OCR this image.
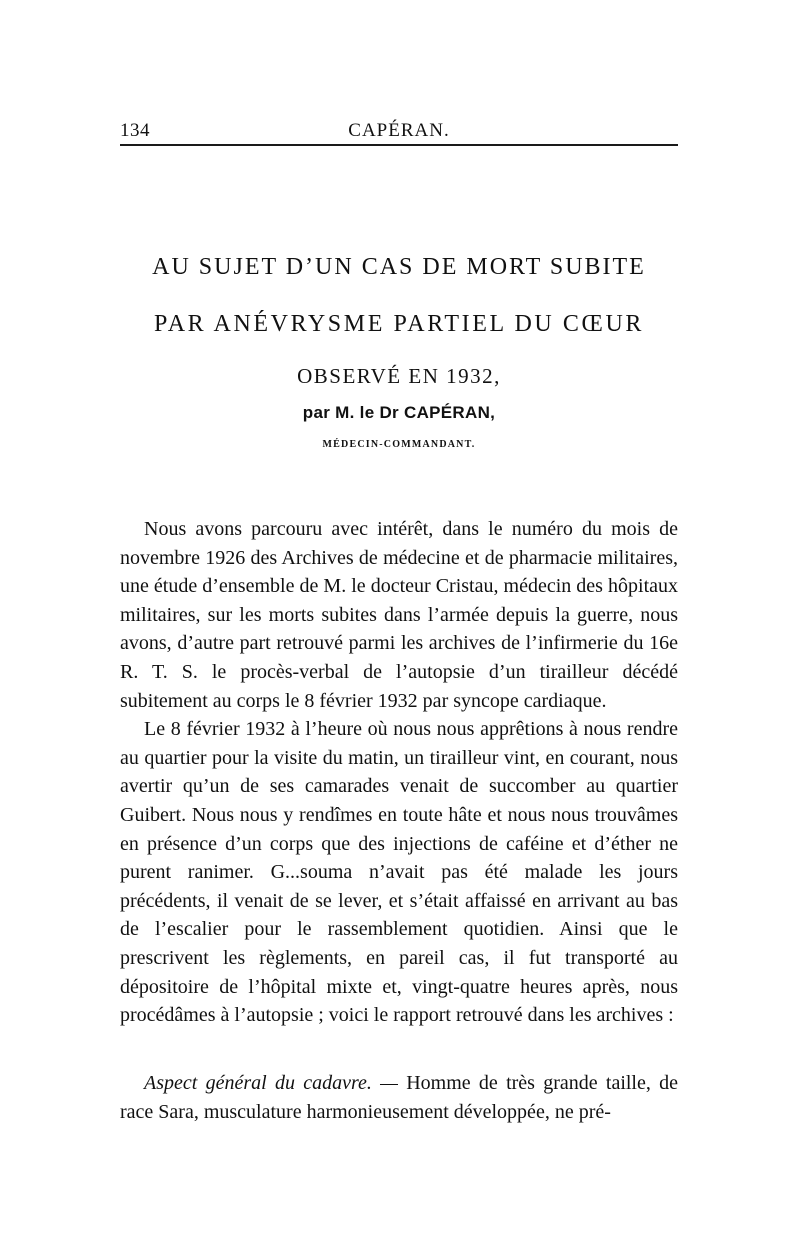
134	CAPÉRAN.
AU SUJET D’UN CAS DE MORT SUBITE
PAR ANÉVRYSME PARTIEL DU CŒUR
OBSERVÉ EN 1932,
par M. le Dr CAPÉRAN,
MÉDECIN-COMMANDANT.

Nous avons parcouru avec intérêt, dans le numéro du mois de novembre 1926 des Archives de médecine et de pharmacie militaires, une étude d’ensemble de M. le docteur Cristau, médecin des hôpitaux militaires, sur les morts subites dans l’armée depuis la guerre, nous avons, d’autre part retrouvé parmi les archives de l’infirmerie du 16e R. T. S. le procès-verbal de l’autopsie d’un tirailleur décédé subitement au corps le 8 février 1932 par syncope cardiaque.

Le 8 février 1932 à l’heure où nous nous apprêtions à nous rendre au quartier pour la visite du matin, un tirailleur vint, en courant, nous avertir qu’un de ses camarades venait de succomber au quartier Guibert. Nous nous y rendîmes en toute hâte et nous nous trouvâmes en présence d’un corps que des injections de caféine et d’éther ne purent ranimer. G...souma n’avait pas été malade les jours précédents, il venait de se lever, et s’était affaissé en arrivant au bas de l’escalier pour le rassemblement quotidien. Ainsi que le prescrivent les règlements, en pareil cas, il fut transporté au dépositoire de l’hôpital mixte et, vingt-quatre heures après, nous procédâmes à l’autopsie ; voici le rapport retrouvé dans les archives :

Aspect général du cadavre. — Homme de très grande taille, de race Sara, musculature harmonieusement développée, ne pré-
